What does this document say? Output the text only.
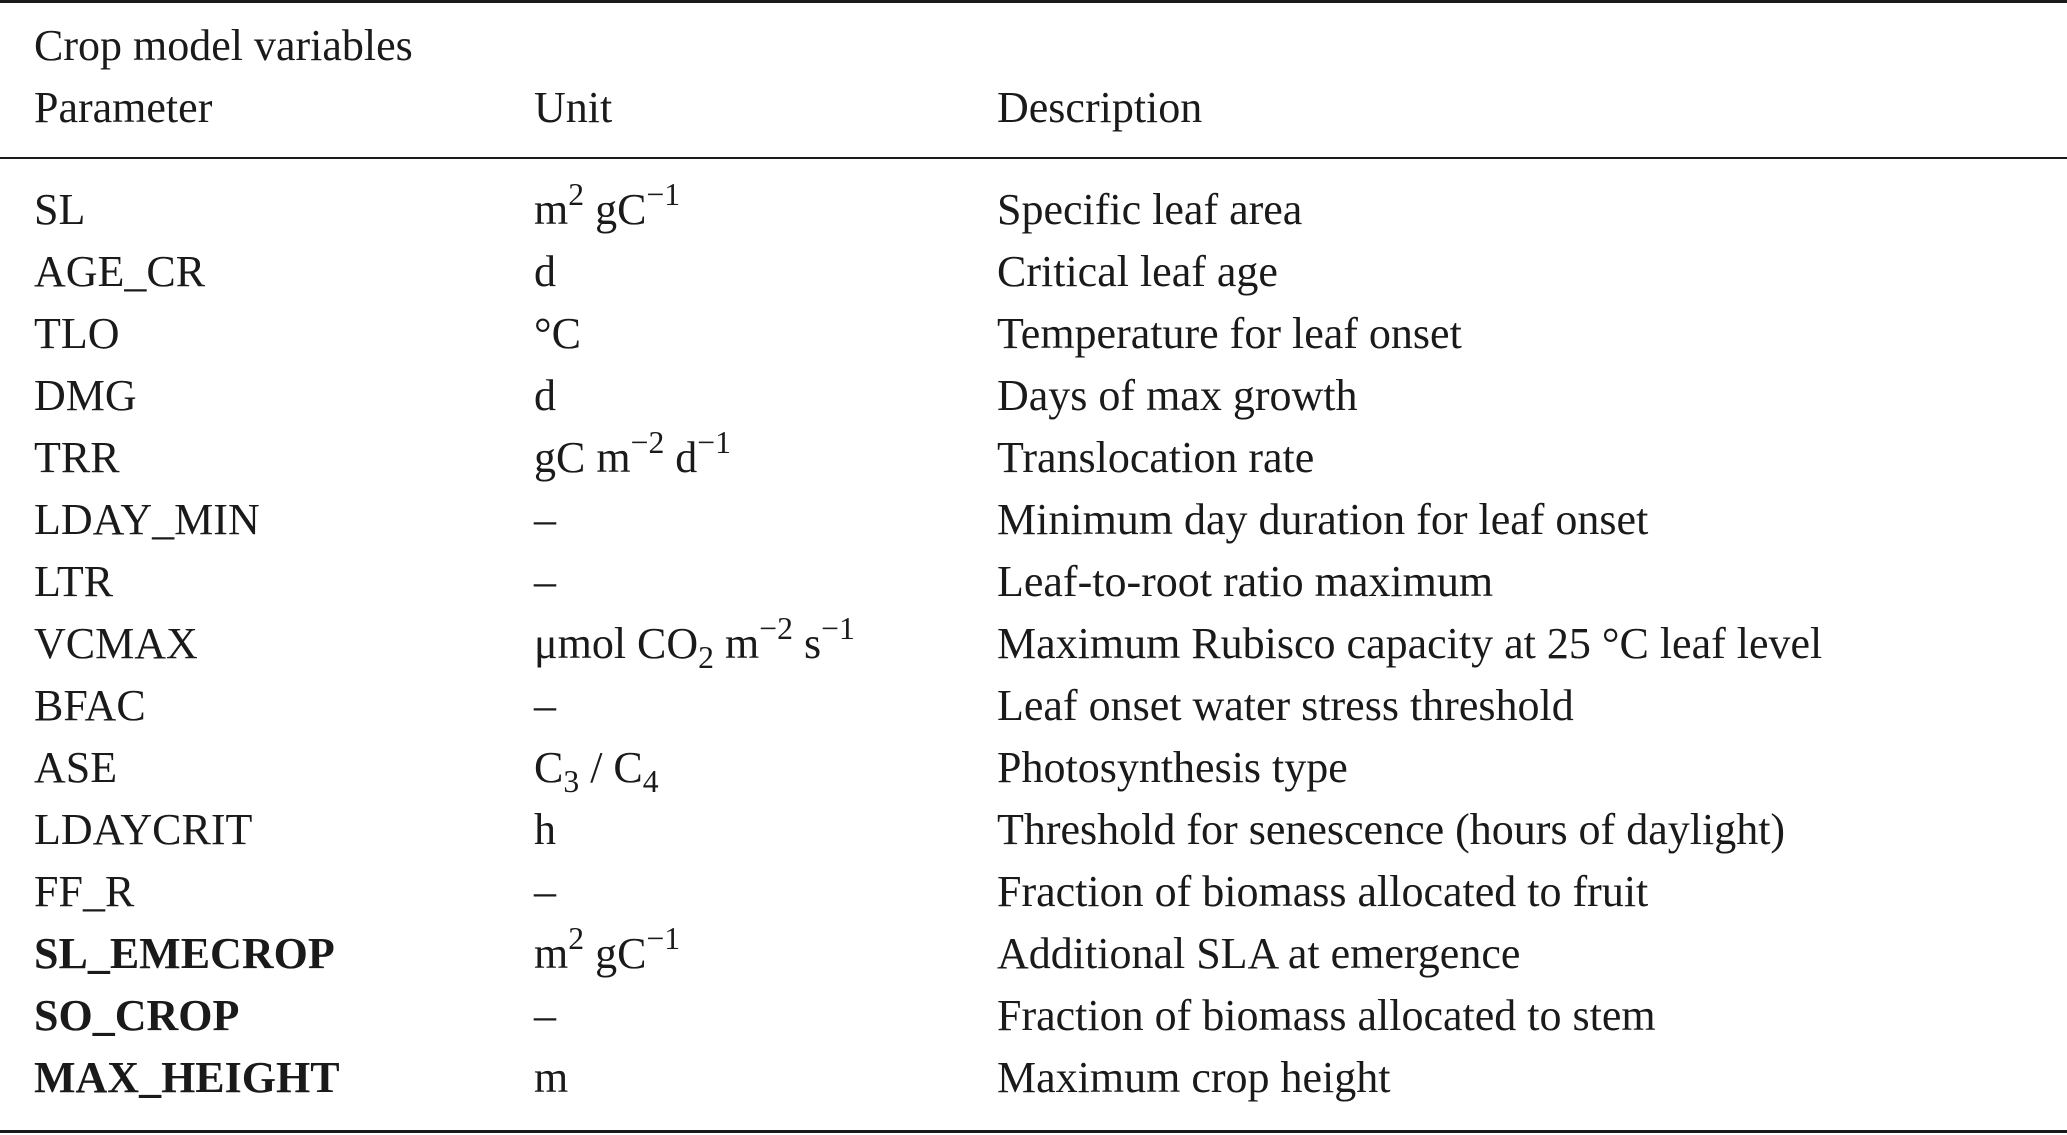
Crop model variables
Parameter	Unit	Description
SL	$m^2$ $gC^{-1}$	Specific leaf area
AGE_CR	d	Critical leaf age
TLO	°C	Temperature for leaf onset
DMG	d	Days of max growth
TRR	gC $m^{-2}$ $d^{-1}$	Translocation rate
LDAY_MIN	–	Minimum day duration for leaf onset
LTR	–	Leaf-to-root ratio maximum
VCMAX	μmol $CO_2$ $m^{-2}$ $s^{-1}$	Maximum Rubisco capacity at 25 °C leaf level
BFAC	–	Leaf onset water stress threshold
ASE	$C_3 / C_4$	Photosynthesis type
LDAYCRIT	h	Threshold for senescence (hours of daylight)
FF_R	–	Fraction of biomass allocated to fruit
SL_EMECROP	$m^2$ $gC^{-1}$	Additional SLA at emergence
SO_CROP	–	Fraction of biomass allocated to stem
MAX_HEIGHT	m	Maximum crop height
